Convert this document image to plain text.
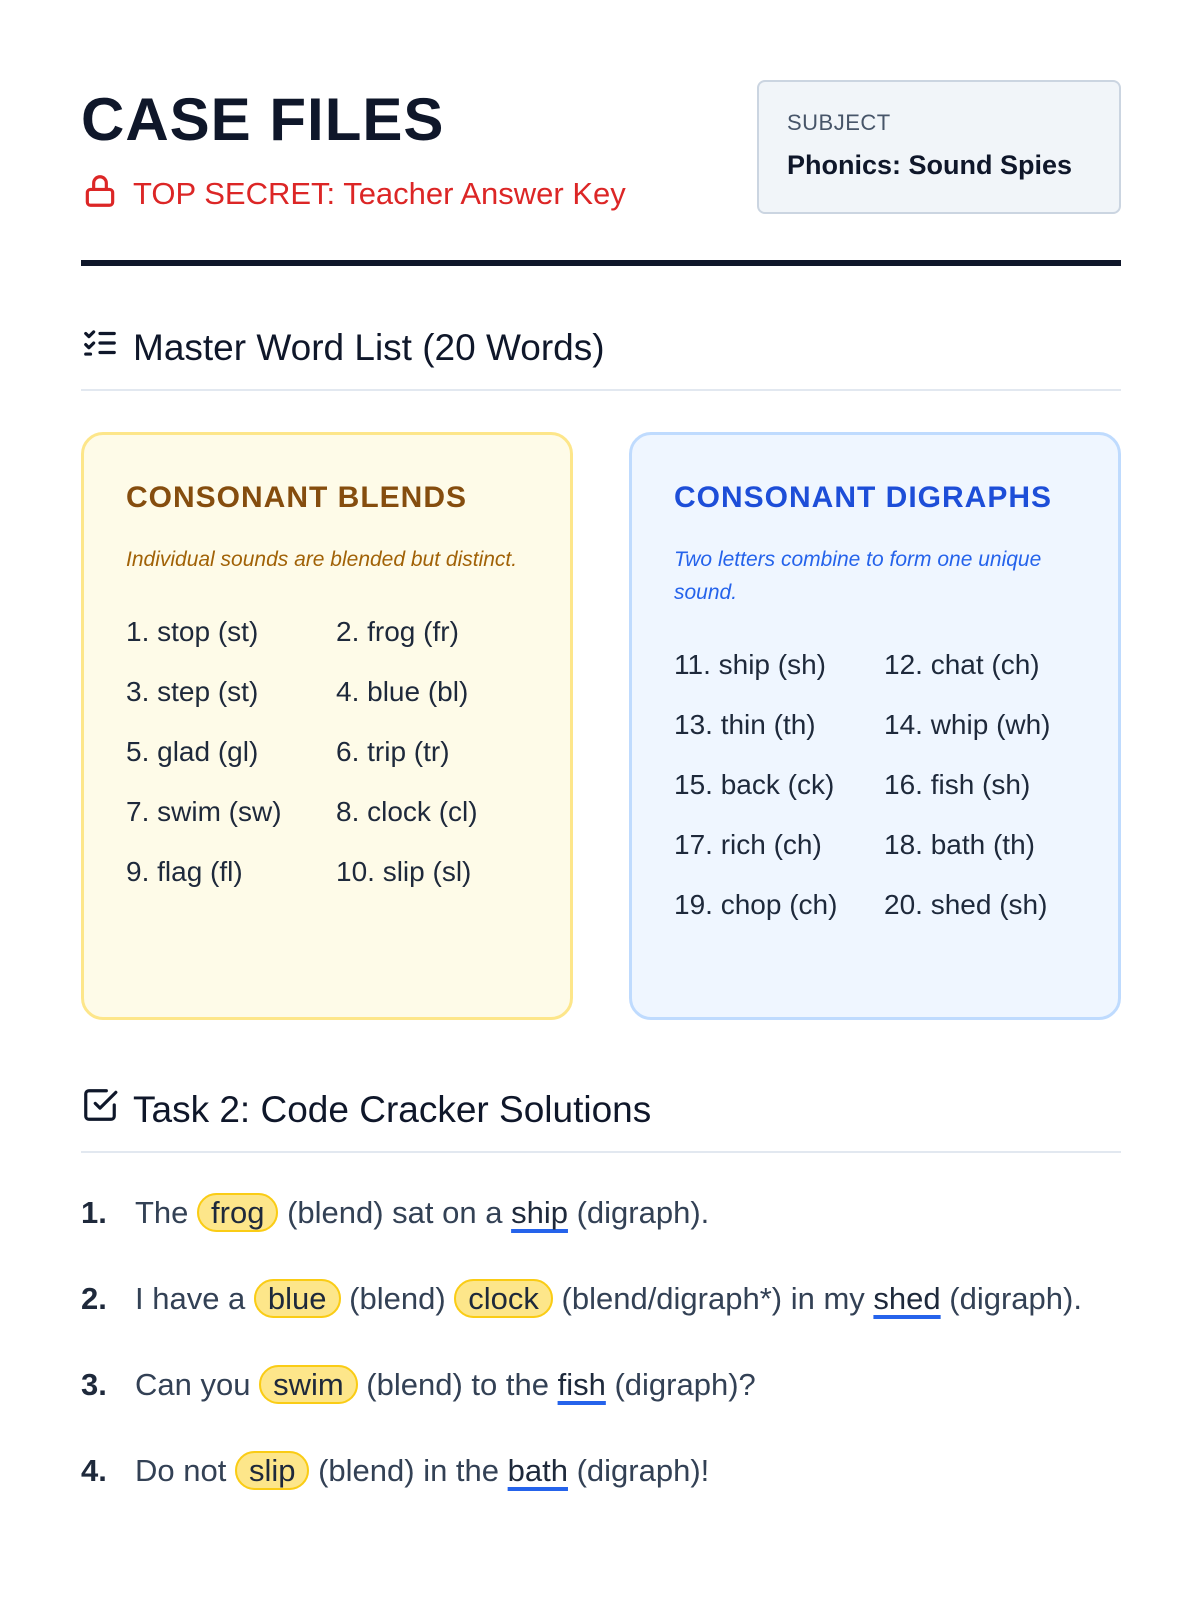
CASE FILES
TOP SECRET: Teacher Answer Key
SUBJECT
Phonics: Sound Spies
Master Word List (20 Words)
CONSONANT BLENDS
Individual sounds are blended but distinct.
1. stop (st)	2. frog (fr)
3. step (st)	4. blue (bl)
5. glad (gl)	6. trip (tr)
7. swim (sw)	8. clock (cl)
9. flag (fl)	10. slip (sl)
CONSONANT DIGRAPHS
Two letters combine to form one unique sound.
11. ship (sh)	12. chat (ch)
13. thin (th)	14. whip (wh)
15. back (ck)	16. fish (sh)
17. rich (ch)	18. bath (th)
19. chop (ch)	20. shed (sh)
Task 2: Code Cracker Solutions
1. The frog (blend) sat on a ship (digraph).
2. I have a blue (blend) clock (blend/digraph*) in my shed (digraph).
3. Can you swim (blend) to the fish (digraph)?
4. Do not slip (blend) in the bath (digraph)!
